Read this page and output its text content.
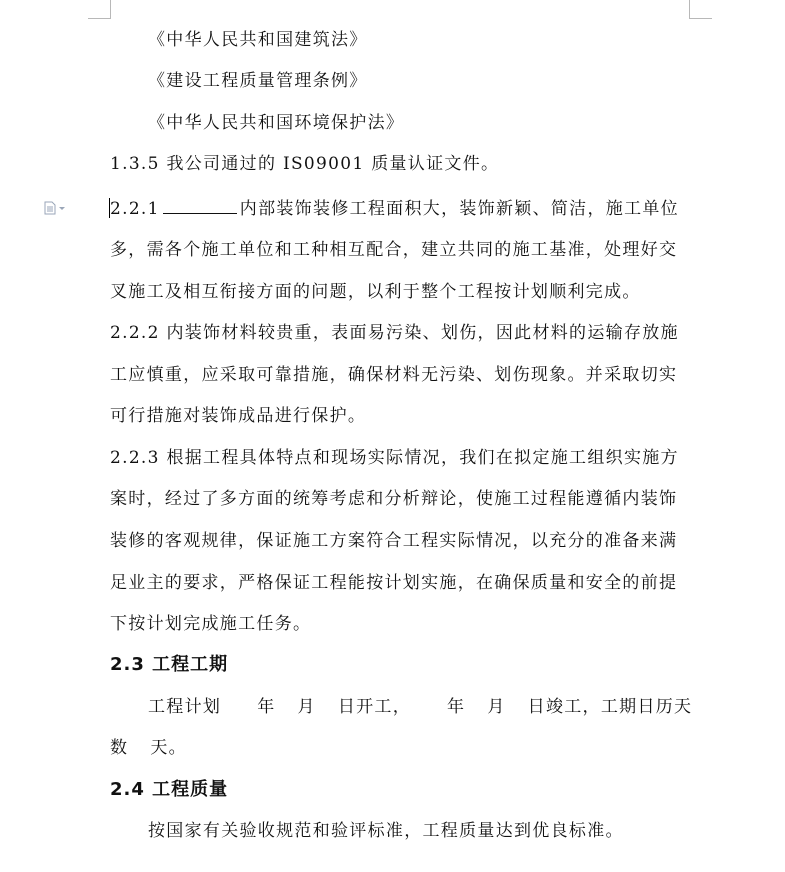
《中华人民共和国建筑法》
《建设工程质量管理条例》
《中华人民共和国环境保护法》
1.3.5 我公司通过的 IS09001 质量认证文件。
2.2.1	内部装饰装修工程面积大，装饰新颖、简洁，施工单位
多，需各个施工单位和工种相互配合，建立共同的施工基准，处理好交
叉施工及相互衔接方面的问题，以利于整个工程按计划顺利完成。
2.2.2 内装饰材料较贵重，表面易污染、划伤，因此材料的运输存放施
工应慎重，应采取可靠措施，确保材料无污染、划伤现象。并采取切实
可行措施对装饰成品进行保护。
2.2.3 根据工程具体特点和现场实际情况，我们在拟定施工组织实施方
案时，经过了多方面的统筹考虑和分析辩论，使施工过程能遵循内装饰
装修的客观规律，保证施工方案符合工程实际情况，以充分的准备来满
足业主的要求，严格保证工程能按计划实施，在确保质量和安全的前提
下按计划完成施工任务。
2.3 工程工期
工程计划 年 月 日开工， 年 月 日竣工，工期日历天
数 天。
2.4 工程质量
按国家有关验收规范和验评标准，工程质量达到优良标准。
